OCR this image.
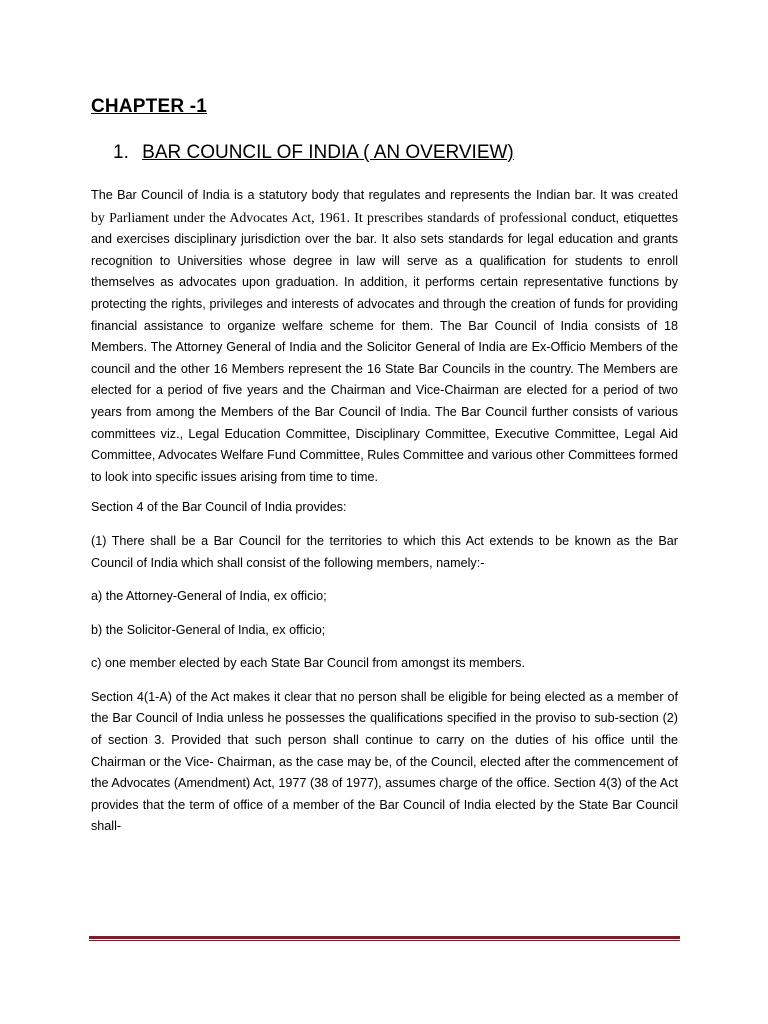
CHAPTER -1
1. BAR COUNCIL OF INDIA ( AN OVERVIEW)

The Bar Council of India is a statutory body that regulates and represents the Indian bar. It was created by Parliament under the Advocates Act, 1961. It prescribes standards of professional conduct, etiquettes and exercises disciplinary jurisdiction over the bar. It also sets standards for legal education and grants recognition to Universities whose degree in law will serve as a qualification for students to enroll themselves as advocates upon graduation. In addition, it performs certain representative functions by protecting the rights, privileges and interests of advocates and through the creation of funds for providing financial assistance to organize welfare scheme for them. The Bar Council of India consists of 18 Members. The Attorney General of India and the Solicitor General of India are Ex-Officio Members of the council and the other 16 Members represent the 16 State Bar Councils in the country. The Members are elected for a period of five years and the Chairman and Vice-Chairman are elected for a period of two years from among the Members of the Bar Council of India. The Bar Council further consists of various committees viz., Legal Education Committee, Disciplinary Committee, Executive Committee, Legal Aid Committee, Advocates Welfare Fund Committee, Rules Committee and various other Committees formed to look into specific issues arising from time to time.

Section 4 of the Bar Council of India provides:

(1) There shall be a Bar Council for the territories to which this Act extends to be known as the Bar Council of India which shall consist of the following members, namely:-

a) the Attorney-General of India, ex officio;

b) the Solicitor-General of India, ex officio;

c) one member elected by each State Bar Council from amongst its members.

Section 4(1-A) of the Act makes it clear that no person shall be eligible for being elected as a member of the Bar Council of India unless he possesses the qualifications specified in the proviso to sub-section (2) of section 3. Provided that such person shall continue to carry on the duties of his office until the Chairman or the Vice- Chairman, as the case may be, of the Council, elected after the commencement of the Advocates (Amendment) Act, 1977 (38 of 1977), assumes charge of the office. Section 4(3) of the Act provides that the term of office of a member of the Bar Council of India elected by the State Bar Council shall-
